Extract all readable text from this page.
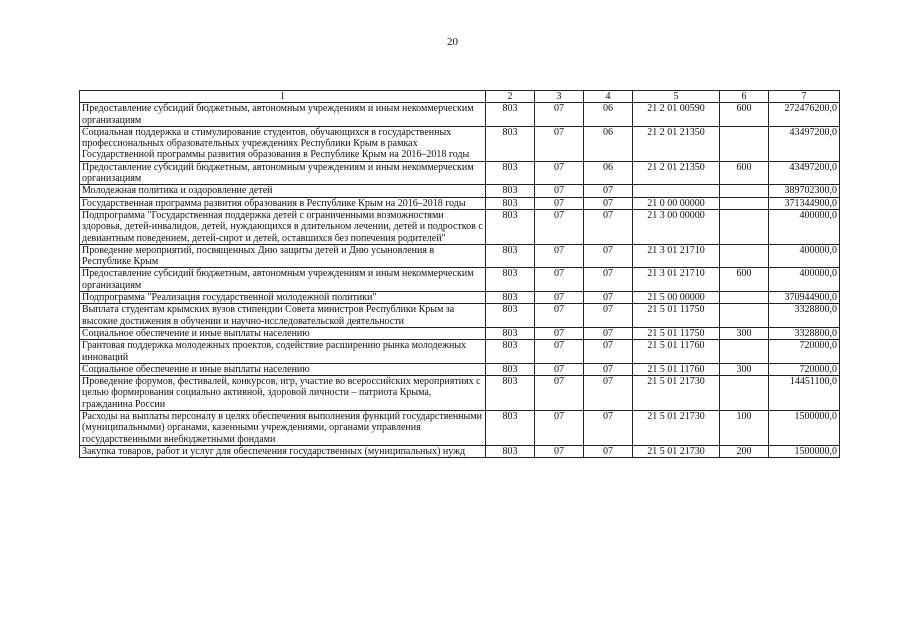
20
1	2	3	4	5	6	7
Предоставление субсидий бюджетным, автономным учреждениям и иным некоммерческим организациям	803	07	06	21 2 01 00590	600	272476200,0
Социальная поддержка и стимулирование студентов, обучающихся в государственных профессиональных образовательных учреждениях Республики Крым в рамках Государственной программы развития образования в Республике Крым на 2016–2018 годы	803	07	06	21 2 01 21350		43497200,0
Предоставление субсидий бюджетным, автономным учреждениям и иным некоммерческим организациям	803	07	06	21 2 01 21350	600	43497200,0
Молодежная политика и оздоровление детей	803	07	07			389702300,0
Государственная программа развития образования в Республике Крым на 2016–2018 годы	803	07	07	21 0 00 00000		371344900,0
Подпрограмма "Государственная поддержка детей с ограниченными возможностями здоровья, детей-инвалидов, детей, нуждающихся в длительном лечении, детей и подростков с девиантным поведением, детей-сирот и детей, оставшихся без попечения родителей"	803	07	07	21 3 00 00000		400000,0
Проведение мероприятий, посвященных Дню защиты детей и Дню усыновления в Республике Крым	803	07	07	21 3 01 21710		400000,0
Предоставление субсидий бюджетным, автономным учреждениям и иным некоммерческим организациям	803	07	07	21 3 01 21710	600	400000,0
Подпрограмма "Реализация государственной молодежной политики"	803	07	07	21 5 00 00000		370944900,0
Выплата студентам крымских вузов стипендии Совета министров Республики Крым за высокие достижения в обучении и научно-исследовательской деятельности	803	07	07	21 5 01 11750		3328800,0
Социальное обеспечение и иные выплаты населению	803	07	07	21 5 01 11750	300	3328800,0
Грантовая поддержка молодежных проектов, содействие расширению рынка молодежных инноваций	803	07	07	21 5 01 11760		720000,0
Социальное обеспечение и иные выплаты населению	803	07	07	21 5 01 11760	300	720000,0
Проведение форумов, фестивалей, конкурсов, игр, участие во всероссийских мероприятиях с целью формирования социально активной, здоровой личности – патриота Крыма, гражданина России	803	07	07	21 5 01 21730		14451100,0
Расходы на выплаты персоналу в целях обеспечения выполнения функций государственными (муниципальными) органами, казенными учреждениями, органами управления государственными внебюджетными фондами	803	07	07	21 5 01 21730	100	1500000,0
Закупка товаров, работ и услуг для обеспечения государственных (муниципальных) нужд	803	07	07	21 5 01 21730	200	1500000,0
